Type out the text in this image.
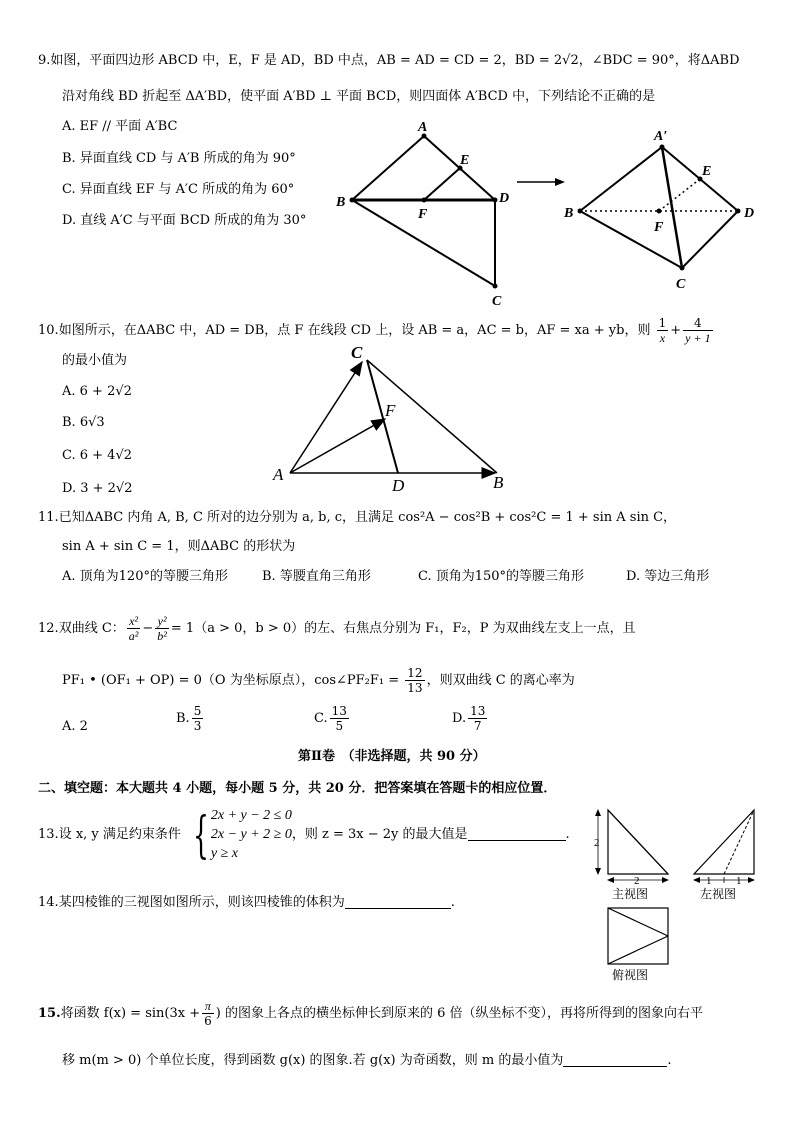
9.如图，平面四边形 ABCD 中，E，F 是 AD，BD 中点，AB = AD = CD = 2，BD = 2√2，∠BDC = 90°，将ΔABD
沿对角线 BD 折起至 ΔA′BD，使平面 A′BD ⊥ 平面 BCD，则四面体 A′BCD 中，下列结论不正确的是
A. EF // 平面 A′BC
B. 异面直线 CD 与 A′B 所成的角为 90°
C. 异面直线 EF 与 A′C 所成的角为 60°
D. 直线 A′C 与平面 BCD 所成的角为 30°
A
E
B
F
D
C
A′
E
B
F
D
C
10.如图所示，在ΔABC 中，AD = DB，点 F 在线段 CD 上，设 AB = a，AC = b，AF = xa + yb，则 $\frac{1}{x} + \frac{4}{y + 1}$
的最小值为
A. 6 + 2√2
B. 6√3
C. 6 + 4√2
D. 3 + 2√2
C
F
A
D	B
11.已知ΔABC 内角 A, B, C 所对的边分别为 a, b, c，且满足 cos²A − cos²B + cos²C = 1 + sin A sin C，
sin A + sin C = 1，则ΔABC 的形状为
A. 顶角为120°的等腰三角形	B. 等腰直角三角形	C. 顶角为150°的等腰三角形	D. 等边三角形
12.双曲线 C： $\frac{\text{x²}}{\text{a²}} - \frac{\text{y²}}{\text{b²}} = 1(a > 0$，b > 0）的左、右焦点分别为 F₁，F₂，P 为双曲线左支上一点，且
PF₁ • (OF₁ + OP) = 0（O 为坐标原点），cos∠PF₂F₁ = $\frac{12}{13}$ ，则双曲线 C 的离心率为
A. 2
B. $\frac{5}{3}$	C. $\frac{13}{5}$	D. $\frac{13}{7}$
第Ⅱ卷　（非选择题，共 90 分）
二、填空题：本大题共 4 小题，每小题 5 分，共 20 分．把答案填在答题卡的相应位置．
13.设 x, y 满足约束条件 { 2x + y − 2 ≤ 0
2x − y + 2 ≥ 0
y ≥ x，则 z = 3x − 2y 的最大值是	.
14.某四棱锥的三视图如图所示，则该四棱锥的体积为	.
2
2
主视图
1 1
左视图
俯视图
15.将函数 $f(x) = \sin(3x + \frac{\pi}{6}$ ) 的图象上各点的横坐标伸长到原来的 6 倍（纵坐标不变），再将所得到的图象向右平
移 m(m > 0) 个单位长度，得到函数 g(x) 的图象.若 g(x) 为奇函数，则 m 的最小值为	.
